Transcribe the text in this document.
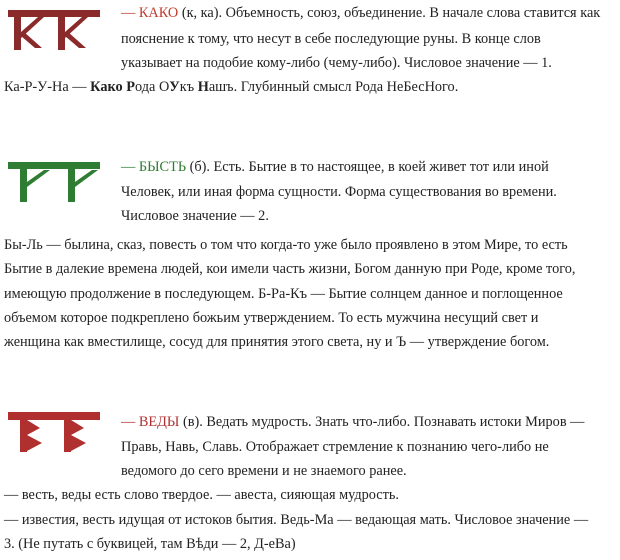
— КАКО (к, ка). Объемность, союз, объединение. В начале слова ставится как
пояснение к тому, что несут в себе последующие руны. В конце слов
указывает на подобие кому-либо (чему-либо). Числовое значение — 1.
Ка-Р-У-На — Како Рода ОУкъ Нашъ. Глубинный смысл Рода НеБесНого.
— БЫСТЬ (б). Есть. Бытие в то настоящее, в коей живет тот или иной
Человек, или иная форма сущности. Форма существования во времени.
Числовое значение — 2.
Бы-Ль — былина, сказ, повесть о том что когда-то уже было проявлено в этом Мире, то есть
Бытие в далекие времена людей, кои имели часть жизни, Богом данную при Роде, кроме того,
имеющую продолжение в последующем. Б-Ра-Къ — Бытие солнцем данное и поглощенное
объемом которое подкреплено божьим утверждением. То есть мужчина несущий свет и
женщина как вместилище, сосуд для принятия этого света, ну и Ъ — утверждение богом.
— ВЕДЫ (в). Ведать мудрость. Знать что-либо. Познавать истоки Миров —
Правь, Навь, Славь. Отображает стремление к познанию чего-либо не
ведомого до сего времени и не знаемого ранее.
— весть, веды есть слово твердое. — авеста, сияющая мудрость.
— известия, весть идущая от истоков бытия. Ведь-Ма — ведающая мать. Числовое значение —
3. (Не путать с буквицей, там Вѣди — 2, Д-еВа)
